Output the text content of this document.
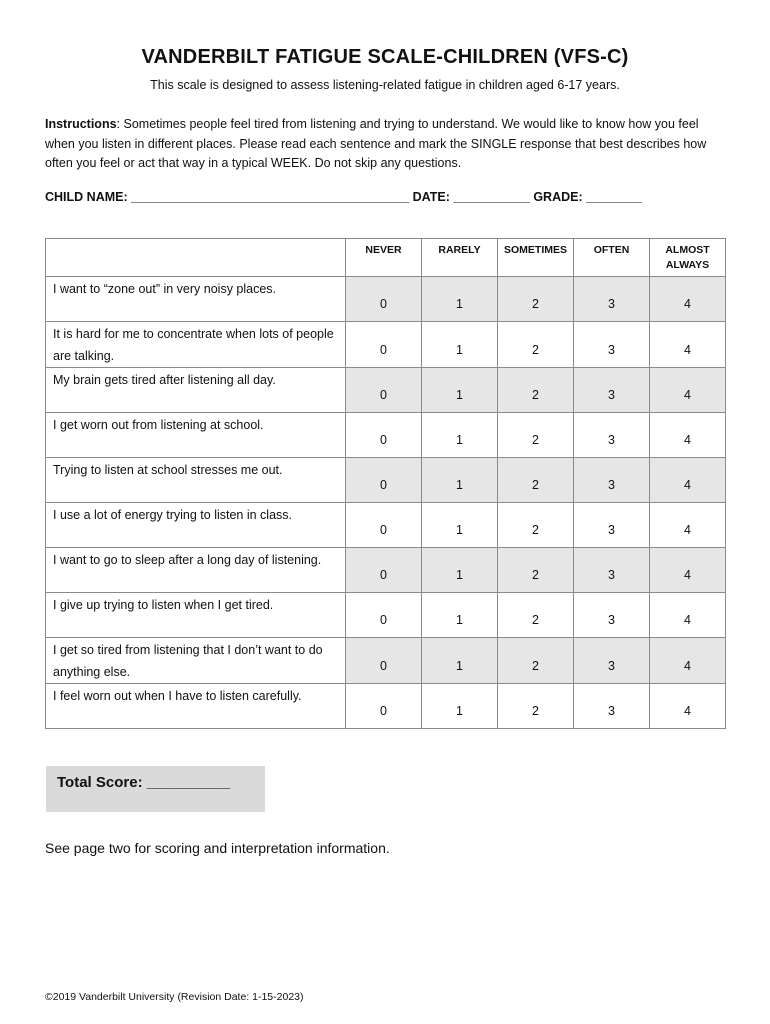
VANDERBILT FATIGUE SCALE-CHILDREN (VFS-C)
This scale is designed to assess listening-related fatigue in children aged 6-17 years.
Instructions: Sometimes people feel tired from listening and trying to understand. We would like to know how you feel when you listen in different places. Please read each sentence and mark the SINGLE response that best describes how often you feel or act that way in a typical WEEK. Do not skip any questions.
CHILD NAME: ________________________________________ DATE: ___________ GRADE: ________
	NEVER	RARELY	SOMETIMES	OFTEN	ALMOST ALWAYS
I want to “zone out” in very noisy places.	0	1	2	3	4
It is hard for me to concentrate when lots of people are talking.	0	1	2	3	4
My brain gets tired after listening all day.	0	1	2	3	4
I get worn out from listening at school.	0	1	2	3	4
Trying to listen at school stresses me out.	0	1	2	3	4
I use a lot of energy trying to listen in class.	0	1	2	3	4
I want to go to sleep after a long day of listening.	0	1	2	3	4
I give up trying to listen when I get tired.	0	1	2	3	4
I get so tired from listening that I don’t want to do anything else.	0	1	2	3	4
I feel worn out when I have to listen carefully.	0	1	2	3	4
Total Score: __________
See page two for scoring and interpretation information.
©2019 Vanderbilt University (Revision Date: 1-15-2023)
